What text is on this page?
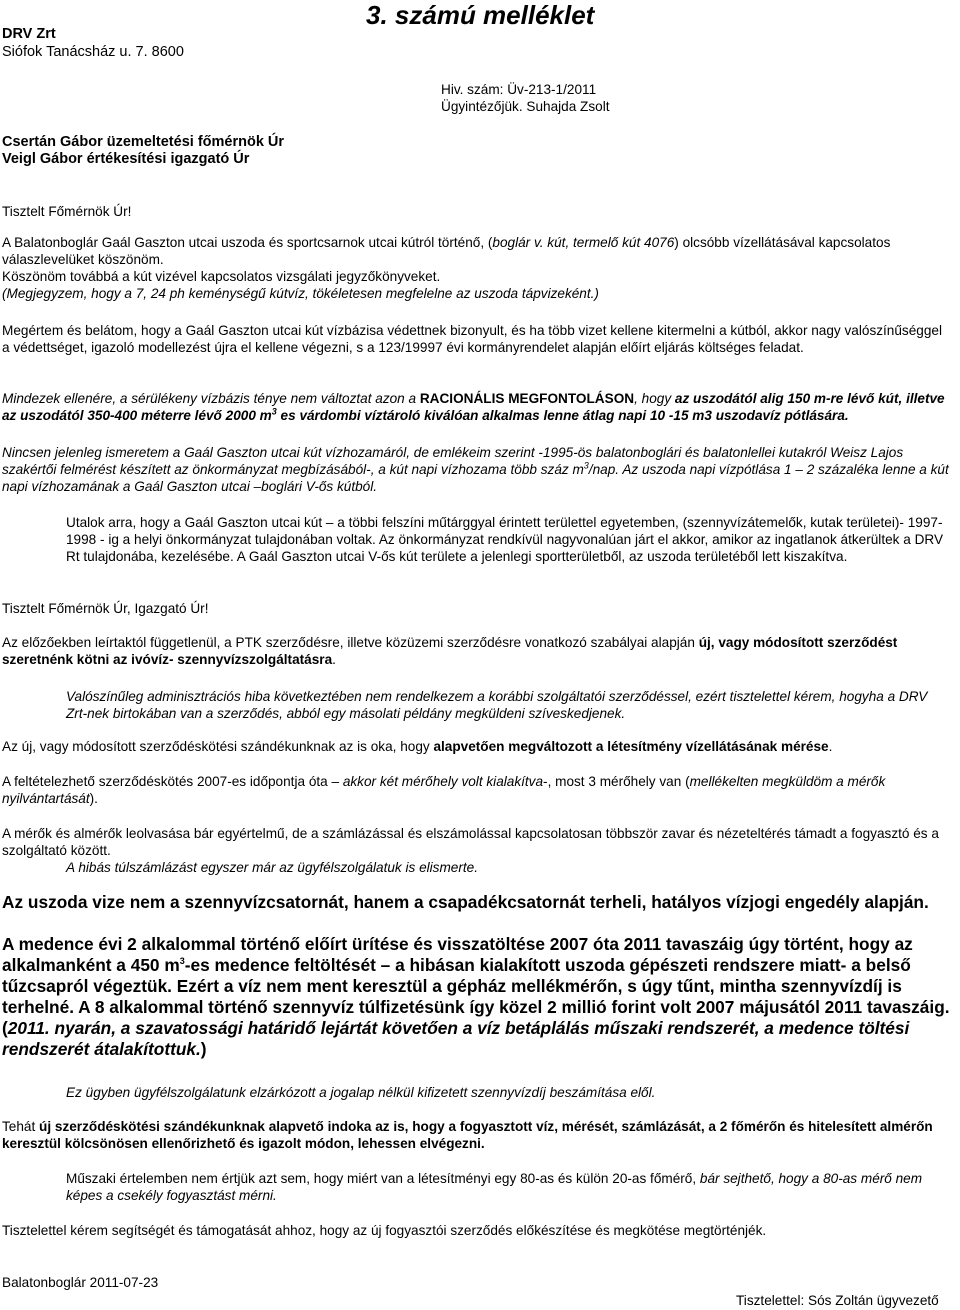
DRV Zrt
Siófok Tanácsház u. 7. 8600
3. számú melléklet
Hiv. szám: Üv-213-1/2011
Ügyintézőjük. Suhajda Zsolt
Csertán Gábor üzemeltetési főmérnök Úr
Veigl Gábor értékesítési igazgató Úr
Tisztelt Főmérnök Úr!
A Balatonboglár Gaál Gaszton utcai uszoda és sportcsarnok utcai kútról történő, (boglár v. kút, termelő kút 4076) olcsóbb vízellátásával kapcsolatos válaszlevelüket köszönöm.
Köszönöm továbbá a kút vizével kapcsolatos vizsgálati jegyzőkönyveket.
(Megjegyzem, hogy a 7, 24 ph keménységű kútvíz, tökéletesen megfelelne az uszoda tápvizeként.)
Megértem és belátom, hogy a Gaál Gaszton utcai kút vízbázisa védettnek bizonyult, és ha több vizet kellene kitermelni a kútból, akkor nagy valószínűséggel a védettséget, igazoló modellezést újra el kellene végezni, s a 123/19997 évi kormányrendelet alapján előírt eljárás költséges feladat.
Mindezek ellenére, a sérülékeny vízbázis ténye nem változtat azon a RACIONÁLIS MEGFONTOLÁSON, hogy az uszodától alig 150 m-re lévő kút, illetve az uszodától 350-400 méterre lévő 2000 $m^3$ es várdombi víztároló kiválóan alkalmas lenne átlag napi 10 -15 m3 uszodavíz pótlására.
Nincsen jelenleg ismeretem a Gaál Gaszton utcai kút vízhozamáról, de emlékeim szerint -1995-ös balatonboglári és balatonlellei kutakról Weisz Lajos szakértői felmérést készített az önkormányzat megbízásából-, a kút napi vízhozama több száz $m^3$/nap. Az uszoda napi vízpótlása 1 – 2 százaléka lenne a kút napi vízhozamának a Gaál Gaszton utcai –boglári V-ős kútból.
Utalok arra, hogy a Gaál Gaszton utcai kút – a többi felszíni műtárggyal érintett területtel egyetemben, (szennyvízátemelők, kutak területei)- 1997-1998 - ig a helyi önkormányzat tulajdonában voltak. Az önkormányzat rendkívül nagyvonalúan járt el akkor, amikor az ingatlanok átkerültek a DRV Rt tulajdonába, kezelésébe. A Gaál Gaszton utcai V-ős kút területe a jelenlegi sportterületből, az uszoda területéből lett kiszakítva.
Tisztelt Főmérnök Úr, Igazgató Úr!
Az előzőekben leírtaktól függetlenül, a PTK szerződésre, illetve közüzemi szerződésre vonatkozó szabályai alapján új, vagy módosított szerződést szeretnénk kötni az ivóvíz- szennyvízszolgáltatásra.
Valószínűleg adminisztrációs hiba következtében nem rendelkezem a korábbi szolgáltatói szerződéssel, ezért tisztelettel kérem, hogyha a DRV Zrt-nek birtokában van a szerződés, abból egy másolati példány megküldeni szíveskedjenek.
Az új, vagy módosított szerződéskötési szándékunknak az is oka, hogy alapvetően megváltozott a létesítmény vízellátásának mérése.
A feltételezhető szerződéskötés 2007-es időpontja óta – akkor két mérőhely volt kialakítva-, most 3 mérőhely van (mellékelten megküldöm a mérők nyilvántartását).
A mérők és almérők leolvasása bár egyértelmű, de a számlázással és elszámolással kapcsolatosan többször zavar és nézeteltérés támadt a fogyasztó és a szolgáltató között.
A hibás túlszámlázást egyszer már az ügyfélszolgálatuk is elismerte.
Az uszoda vize nem a szennyvízcsatornát, hanem a csapadékcsatornát terheli, hatályos vízjogi engedély alapján.
A medence évi 2 alkalommal történő előírt ürítése és visszatöltése 2007 óta 2011 tavaszáig úgy történt, hogy az alkalmanként a 450 $m^3-es$ medence feltöltését – a hibásan kialakított uszoda gépészeti rendszere miatt- a belső tűzcsapról végeztük. Ezért a víz nem ment keresztül a gépház mellékmérőn, s úgy tűnt, mintha szennyvízdíj is terhelné. A 8 alkalommal történő szennyvíz túlfizetésünk így közel 2 millió forint volt 2007 májusától 2011 tavaszáig. (2011. nyarán, a szavatossági határidő lejártát követően a víz betáplálás műszaki rendszerét, a medence töltési rendszerét átalakítottuk.)
Ez ügyben ügyfélszolgálatunk elzárkózott a jogalap nélkül kifizetett szennyvízdíj beszámítása elől.
Tehát új szerződéskötési szándékunknak alapvető indoka az is, hogy a fogyasztott víz, mérését, számlázását, a 2 főmérőn és hitelesített almérőn keresztül kölcsönösen ellenőrizhető és igazolt módon, lehessen elvégezni.
Műszaki értelemben nem értjük azt sem, hogy miért van a létesítményi egy 80-as és külön 20-as főmérő, bár sejthető, hogy a 80-as mérő nem képes a csekély fogyasztást mérni.
Tisztelettel kérem segítségét és támogatását ahhoz, hogy az új fogyasztói szerződés előkészítése és megkötése megtörténjék.
Balatonboglár 2011-07-23
Tisztelettel: Sós Zoltán ügyvezető
